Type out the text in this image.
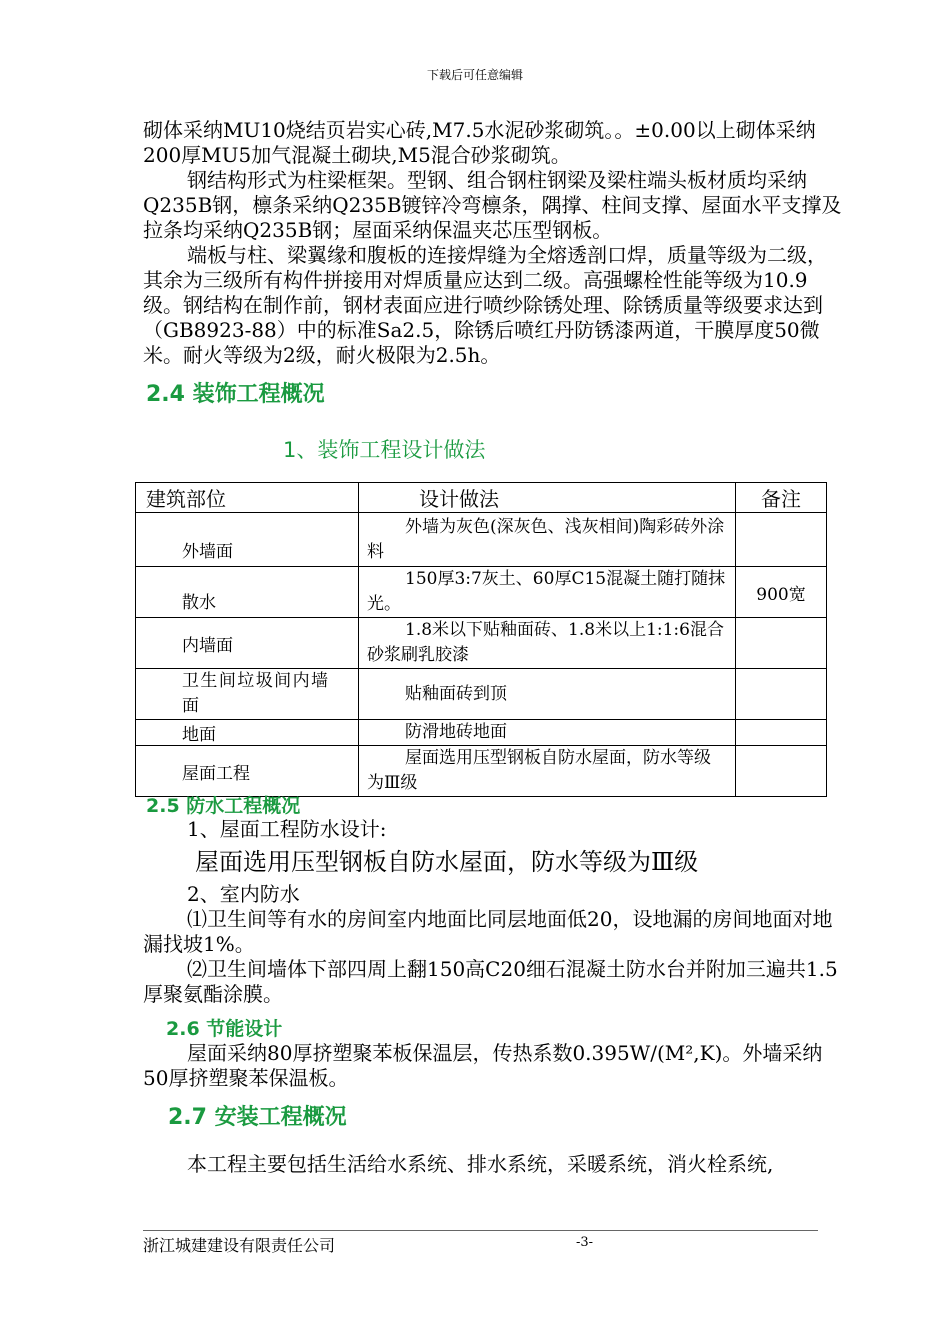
下载后可任意编辑

砌体采纳MU10烧结页岩实心砖,M7.5水泥砂浆砌筑。。±0.00以上砌体采纳200厚MU5加气混凝土砌块,M5混合砂浆砌筑。

钢结构形式为柱梁框架。型钢、组合钢柱钢梁及梁柱端头板材质均采纳Q235B钢，檩条采纳Q235B镀锌冷弯檩条，隅撑、柱间支撑、屋面水平支撑及拉条均采纳Q235B钢；屋面采纳保温夹芯压型钢板。

端板与柱、梁翼缘和腹板的连接焊缝为全熔透剖口焊，质量等级为二级，其余为三级所有构件拼接用对焊质量应达到二级。高强螺栓性能等级为10.9级。钢结构在制作前，钢材表面应进行喷纱除锈处理、除锈质量等级要求达到（GB8923-88）中的标准Sa2.5，除锈后喷红丹防锈漆两道，干膜厚度50微米。耐火等级为2级，耐火极限为2.5h。

2.4 装饰工程概况
1、装饰工程设计做法
建筑部位	设计做法	备注
外墙面	外墙为灰色(深灰色、浅灰相间)陶彩砖外涂料	
散水	150厚3:7灰土、60厚C15混凝土随打随抹光。	900宽
内墙面	1.8米以下贴釉面砖、1.8米以上1:1:6混合砂浆刷乳胶漆	
卫生间垃圾间内墙面	贴釉面砖到顶	
地面	防滑地砖地面	
屋面工程	屋面选用压型钢板自防水屋面，防水等级为Ⅲ级	
2.5 防水工程概况

1、屋面工程防水设计:

屋面选用压型钢板自防水屋面，防水等级为Ⅲ级

2、室内防水

⑴卫生间等有水的房间室内地面比同层地面低20，设地漏的房间地面对地漏找坡1%。

⑵卫生间墙体下部四周上翻150高C20细石混凝土防水台并附加三遍共1.5厚聚氨酯涂膜。

2.6 节能设计

屋面采纳80厚挤塑聚苯板保温层，传热系数0.395W/(M²,K)。外墙采纳50厚挤塑聚苯保温板。

2.7 安装工程概况

本工程主要包括生活给水系统、排水系统，采暖系统，消火栓系统,

浙江城建建设有限责任公司	-3-
